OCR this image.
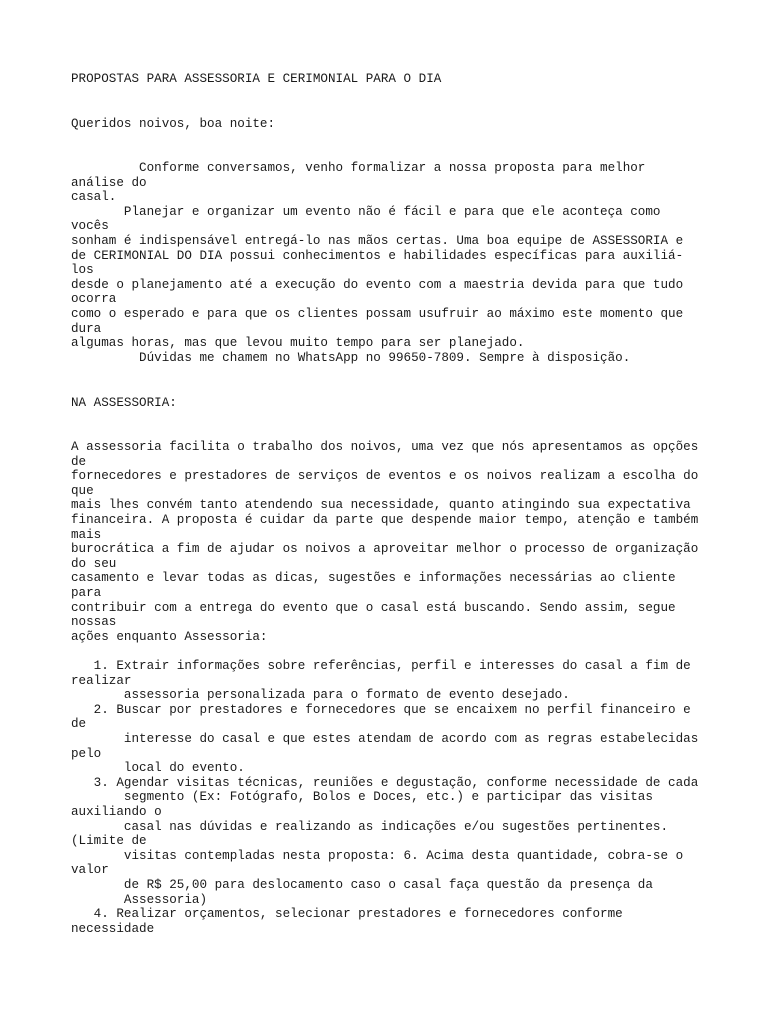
PROPOSTAS PARA ASSESSORIA E CERIMONIAL PARA O DIA
Queridos noivos, boa noite:
Conforme conversamos, venho formalizar a nossa proposta para melhor
análise do
casal.
Planejar e organizar um evento não é fácil e para que ele aconteça como
vocês
sonham é indispensável entregá-lo nas mãos certas. Uma boa equipe de ASSESSORIA e
de CERIMONIAL DO DIA possui conhecimentos e habilidades específicas para auxiliá-
los
desde o planejamento até a execução do evento com a maestria devida para que tudo
ocorra
como o esperado e para que os clientes possam usufruir ao máximo este momento que
dura
algumas horas, mas que levou muito tempo para ser planejado.
Dúvidas me chamem no WhatsApp no 99650-7809. Sempre à disposição.
NA ASSESSORIA:
A assessoria facilita o trabalho dos noivos, uma vez que nós apresentamos as opções
de
fornecedores e prestadores de serviços de eventos e os noivos realizam a escolha do
que
mais lhes convém tanto atendendo sua necessidade, quanto atingindo sua expectativa
financeira. A proposta é cuidar da parte que despende maior tempo, atenção e também
mais
burocrática a fim de ajudar os noivos a aproveitar melhor o processo de organização
do seu
casamento e levar todas as dicas, sugestões e informações necessárias ao cliente
para
contribuir com a entrega do evento que o casal está buscando. Sendo assim, segue
nossas
ações enquanto Assessoria:
1. Extrair informações sobre referências, perfil e interesses do casal a fim de
realizar
assessoria personalizada para o formato de evento desejado.
2. Buscar por prestadores e fornecedores que se encaixem no perfil financeiro e
de
interesse do casal e que estes atendam de acordo com as regras estabelecidas
pelo
local do evento.
3. Agendar visitas técnicas, reuniões e degustação, conforme necessidade de cada
segmento (Ex: Fotógrafo, Bolos e Doces, etc.) e participar das visitas
auxiliando o
casal nas dúvidas e realizando as indicações e/ou sugestões pertinentes.
(Limite de
visitas contempladas nesta proposta: 6. Acima desta quantidade, cobra-se o
valor
de R$ 25,00 para deslocamento caso o casal faça questão da presença da
Assessoria)
4. Realizar orçamentos, selecionar prestadores e fornecedores conforme
necessidade
